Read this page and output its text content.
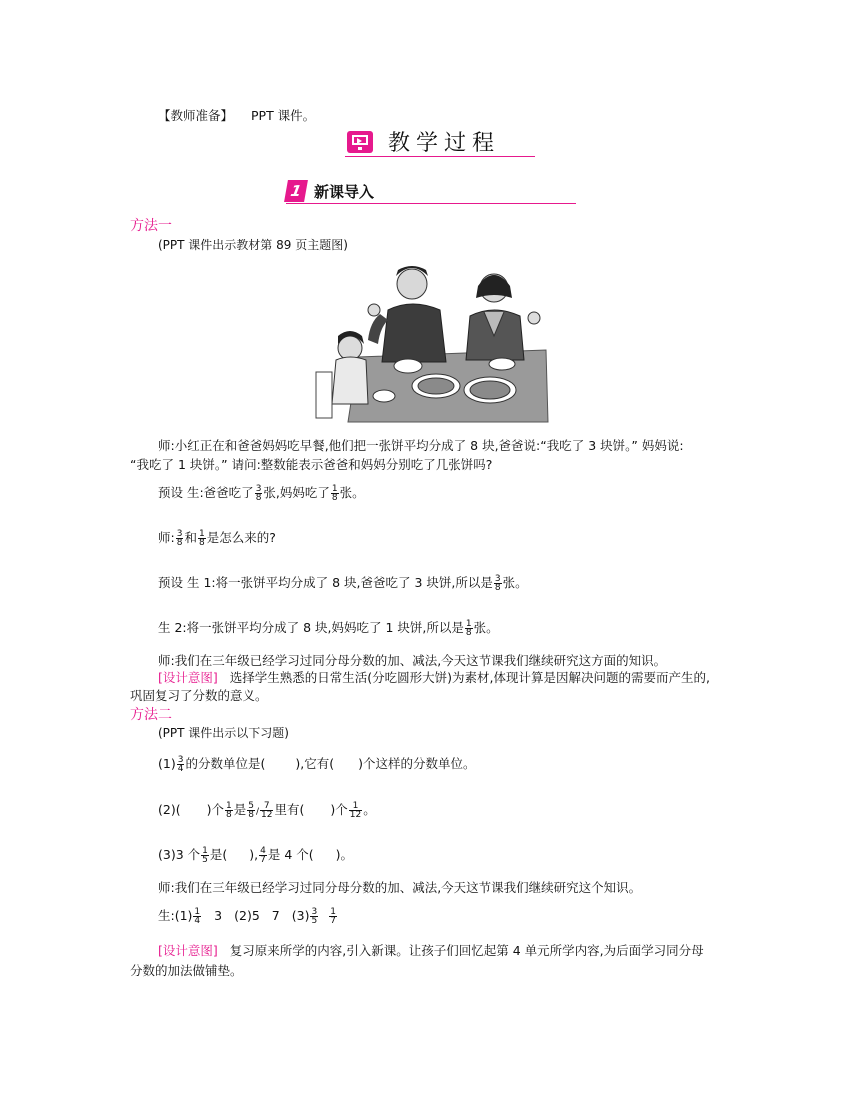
【教师准备】 PPT 课件。
教学过程
1 新课导入
方法一
(PPT 课件出示教材第 89 页主题图)
师:小红正在和爸爸妈妈吃早餐,他们把一张饼平均分成了 8 块,爸爸说:“我吃了 3 块饼。” 妈妈说:
“我吃了 1 块饼。” 请问:整数能表示爸爸和妈妈分别吃了几张饼吗?
预设 生:爸爸吃了 $\frac{3}{8}$ 张,妈妈吃了 $\frac{1}{8}$ 张。
师: $\frac{3}{8}$ 和 $\frac{1}{8}$ 是怎么来的?
预设 生 1:将一张饼平均分成了 8 块,爸爸吃了 3 块饼,所以是 $\frac{3}{8}$ 张。
生 2:将一张饼平均分成了 8 块,妈妈吃了 1 块饼,所以是 $\frac{1}{8}$ 张。
师:我们在三年级已经学习过同分母分数的加、减法,今天这节课我们继续研究这方面的知识。
[设计意图] 选择学生熟悉的日常生活(分吃圆形大饼)为素材,体现计算是因解决问题的需要而产生的,
巩固复习了分数的意义。
方法二
(PPT 课件出示以下习题)
$(1) \frac{3}{4}$ 的分数单位是( ),它有( )个这样的分数单位。
(2)( )个 $\frac{1}{8}$ 是 $\frac{5}{8} / \frac{7}{12}$ 里有( )个 $\frac{1}{12}$ 。
(3)3 个 $\frac{1}{5}$ 是( ), $\frac{4}{7}$ 是 4 个( )。
师:我们在三年级已经学习过同分母分数的加、减法,今天这节课我们继续研究这个知识。
生:(1) $\frac{1}{4} 3$ (2)5 7 $(3) \frac{3}{5} \frac{1}{7}$
[设计意图] 复习原来所学的内容,引入新课。让孩子们回忆起第 4 单元所学内容,为后面学习同分母
分数的加法做铺垫。
